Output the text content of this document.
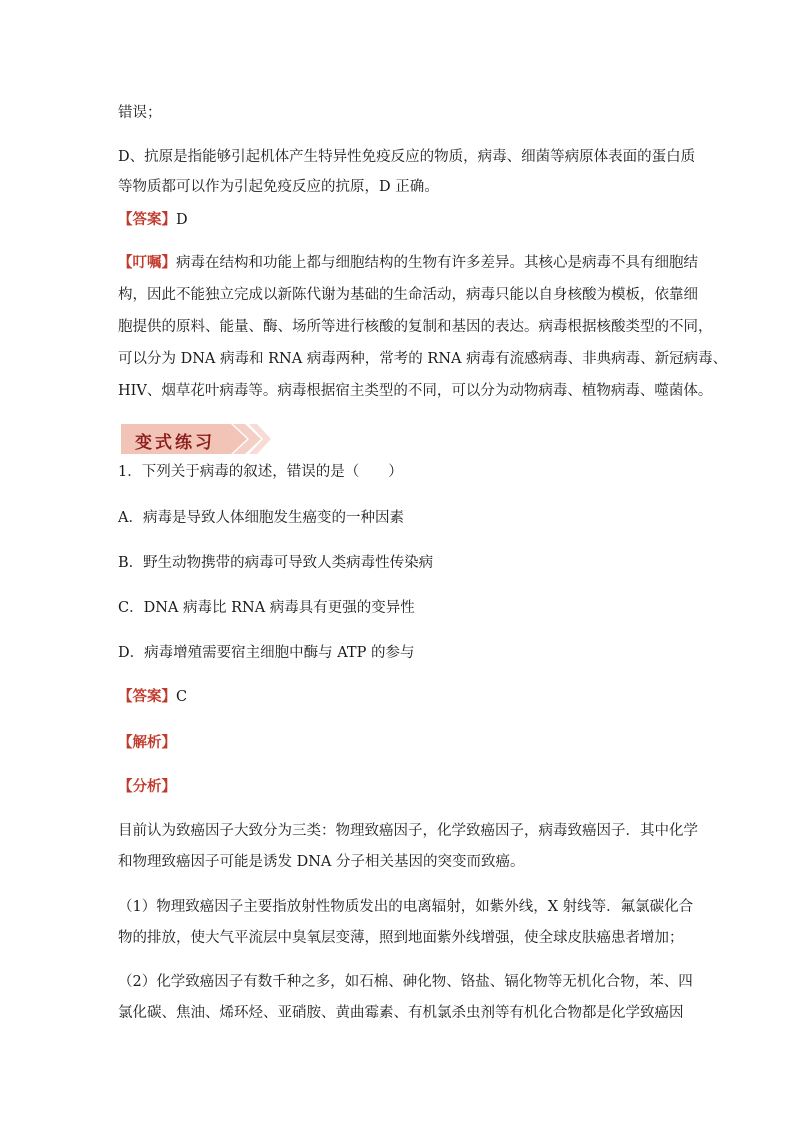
错误；
D、抗原是指能够引起机体产生特异性免疫反应的物质，病毒、细菌等病原体表面的蛋白质
等物质都可以作为引起免疫反应的抗原，D 正确。
【答案】D
【叮嘱】病毒在结构和功能上都与细胞结构的生物有许多差异。其核心是病毒不具有细胞结
构，因此不能独立完成以新陈代谢为基础的生命活动，病毒只能以自身核酸为模板，依靠细
胞提供的原料、能量、酶、场所等进行核酸的复制和基因的表达。病毒根据核酸类型的不同，
可以分为 DNA 病毒和 RNA 病毒两种，常考的 RNA 病毒有流感病毒、非典病毒、新冠病毒、
HIV、烟草花叶病毒等。病毒根据宿主类型的不同，可以分为动物病毒、植物病毒、噬菌体。
变式练习
1．下列关于病毒的叙述，错误的是（　　）
A．病毒是导致人体细胞发生癌变的一种因素
B．野生动物携带的病毒可导致人类病毒性传染病
C．DNA 病毒比 RNA 病毒具有更强的变异性
D．病毒增殖需要宿主细胞中酶与 ATP 的参与
【答案】C
【解析】
【分析】
目前认为致癌因子大致分为三类：物理致癌因子，化学致癌因子，病毒致癌因子．其中化学
和物理致癌因子可能是诱发 DNA 分子相关基因的突变而致癌。
（1）物理致癌因子主要指放射性物质发出的电离辐射，如紫外线，X 射线等．氟氯碳化合
物的排放，使大气平流层中臭氧层变薄，照到地面紫外线增强，使全球皮肤癌患者增加；
（2）化学致癌因子有数千种之多，如石棉、砷化物、铬盐、镉化物等无机化合物，苯、四
氯化碳、焦油、烯环烃、亚硝胺、黄曲霉素、有机氯杀虫剂等有机化合物都是化学致癌因
